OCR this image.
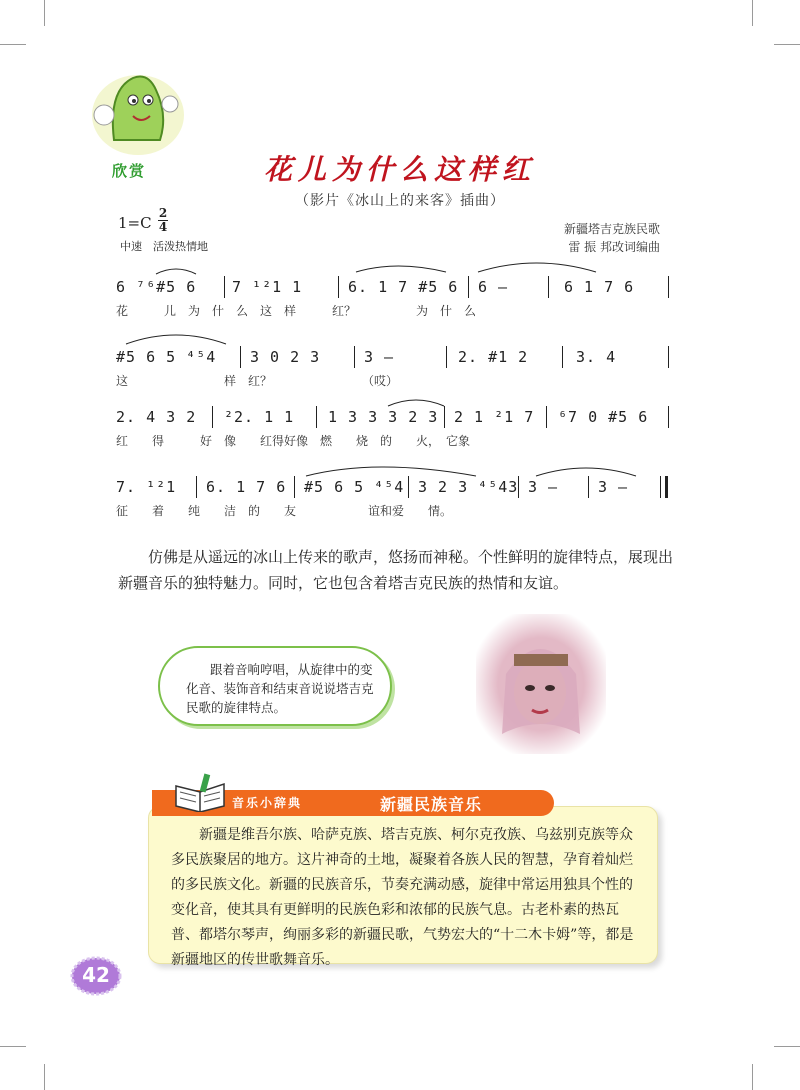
欣赏	花儿为什么这样红
（影片《冰山上的来客》插曲）
1=C
2
4
中速　活泼热情地
新疆塔吉克族民歌
雷 振 邦改词编曲
6 ⁷⁶#5 6 7 ¹²1 1	6. 1 7 #5 6 6 –	6 1 7 6
花　　　儿　为　什　么　这　样　　　红？　　　　　为　什　么
#5 6 5 ⁴⁵4 3 0 2 3	3 –	2. #1 2	3. 4
这　　　　　　　　样　红？　　　　　　　　（哎）
2. 4 3 2 ²2. 1 1 1 3 3 3 2 3 2 1 ²1 7 ⁶7 0 #5 6
红　　得　　　好　像　　红得好像　燃　　烧　的　　火，　它象
7. ¹²1 6. 1 7 6 #5 6 5 ⁴⁵4 3 2 3 ⁴⁵43 3 –	3 –
征　　着　　纯　　洁　的　　友　　　　　　谊和爱　　情。
仿佛是从遥远的冰山上传来的歌声，悠扬而神秘。个性鲜明的旋律特点，展现出新疆音乐的独特魅力。同时，它也包含着塔吉克民族的热情和友谊。
跟着音响哼唱，从旋律中的变化音、装饰音和结束音说说塔吉克民歌的旋律特点。
新疆是维吾尔族、哈萨克族、塔吉克族、柯尔克孜族、乌兹别克族等众多民族聚居的地方。这片神奇的土地，凝聚着各族人民的智慧，孕育着灿烂的多民族文化。新疆的民族音乐，节奏充满动感，旋律中常运用独具个性的变化音，使其具有更鲜明的民族色彩和浓郁的民族气息。古老朴素的热瓦普、都塔尔琴声，绚丽多彩的新疆民歌，气势宏大的“十二木卡姆”等，都是新疆地区的传世歌舞音乐。
音乐小辞典	新疆民族音乐
42
